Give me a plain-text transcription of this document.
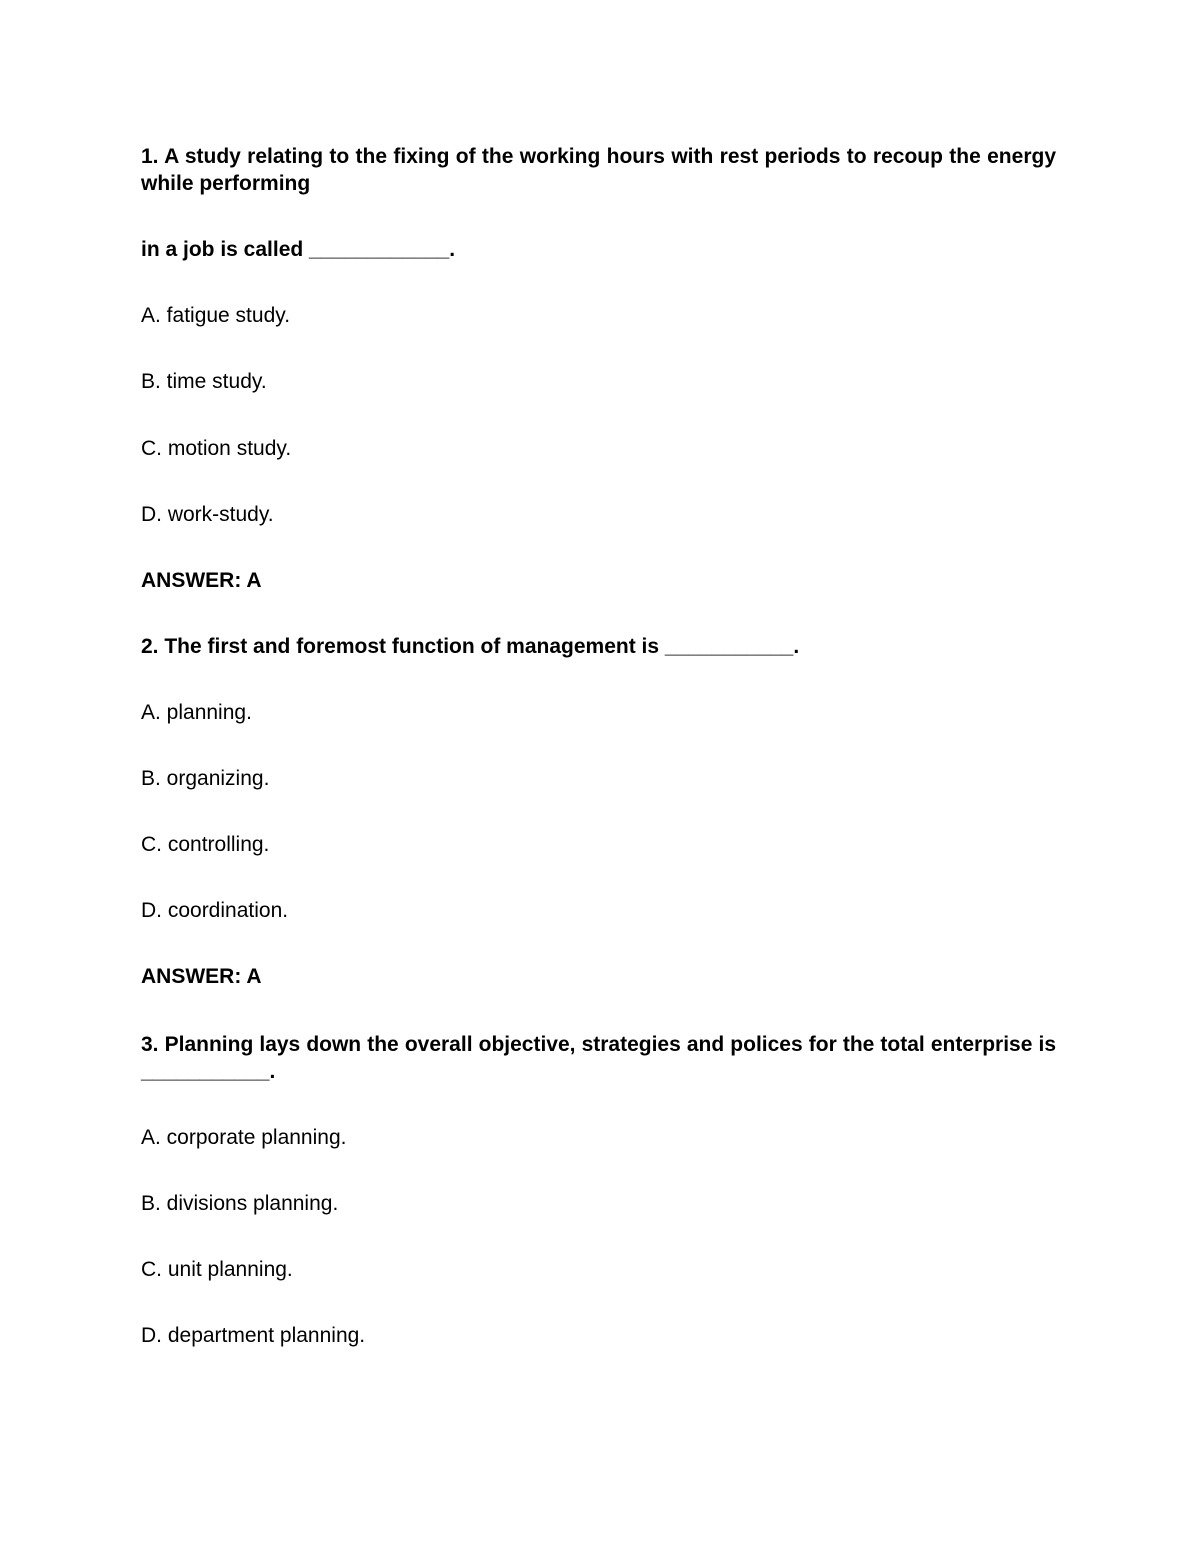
1. A study relating to the fixing of the working hours with rest periods to recoup the energy while performing
in a job is called ____________.
A. fatigue study.
B. time study.
C. motion study.
D. work-study.
ANSWER: A
2. The first and foremost function of management is ___________.
A. planning.
B. organizing.
C. controlling.
D. coordination.
ANSWER: A
3. Planning lays down the overall objective, strategies and polices for the total enterprise is ___________.
A. corporate planning.
B. divisions planning.
C. unit planning.
D. department planning.
